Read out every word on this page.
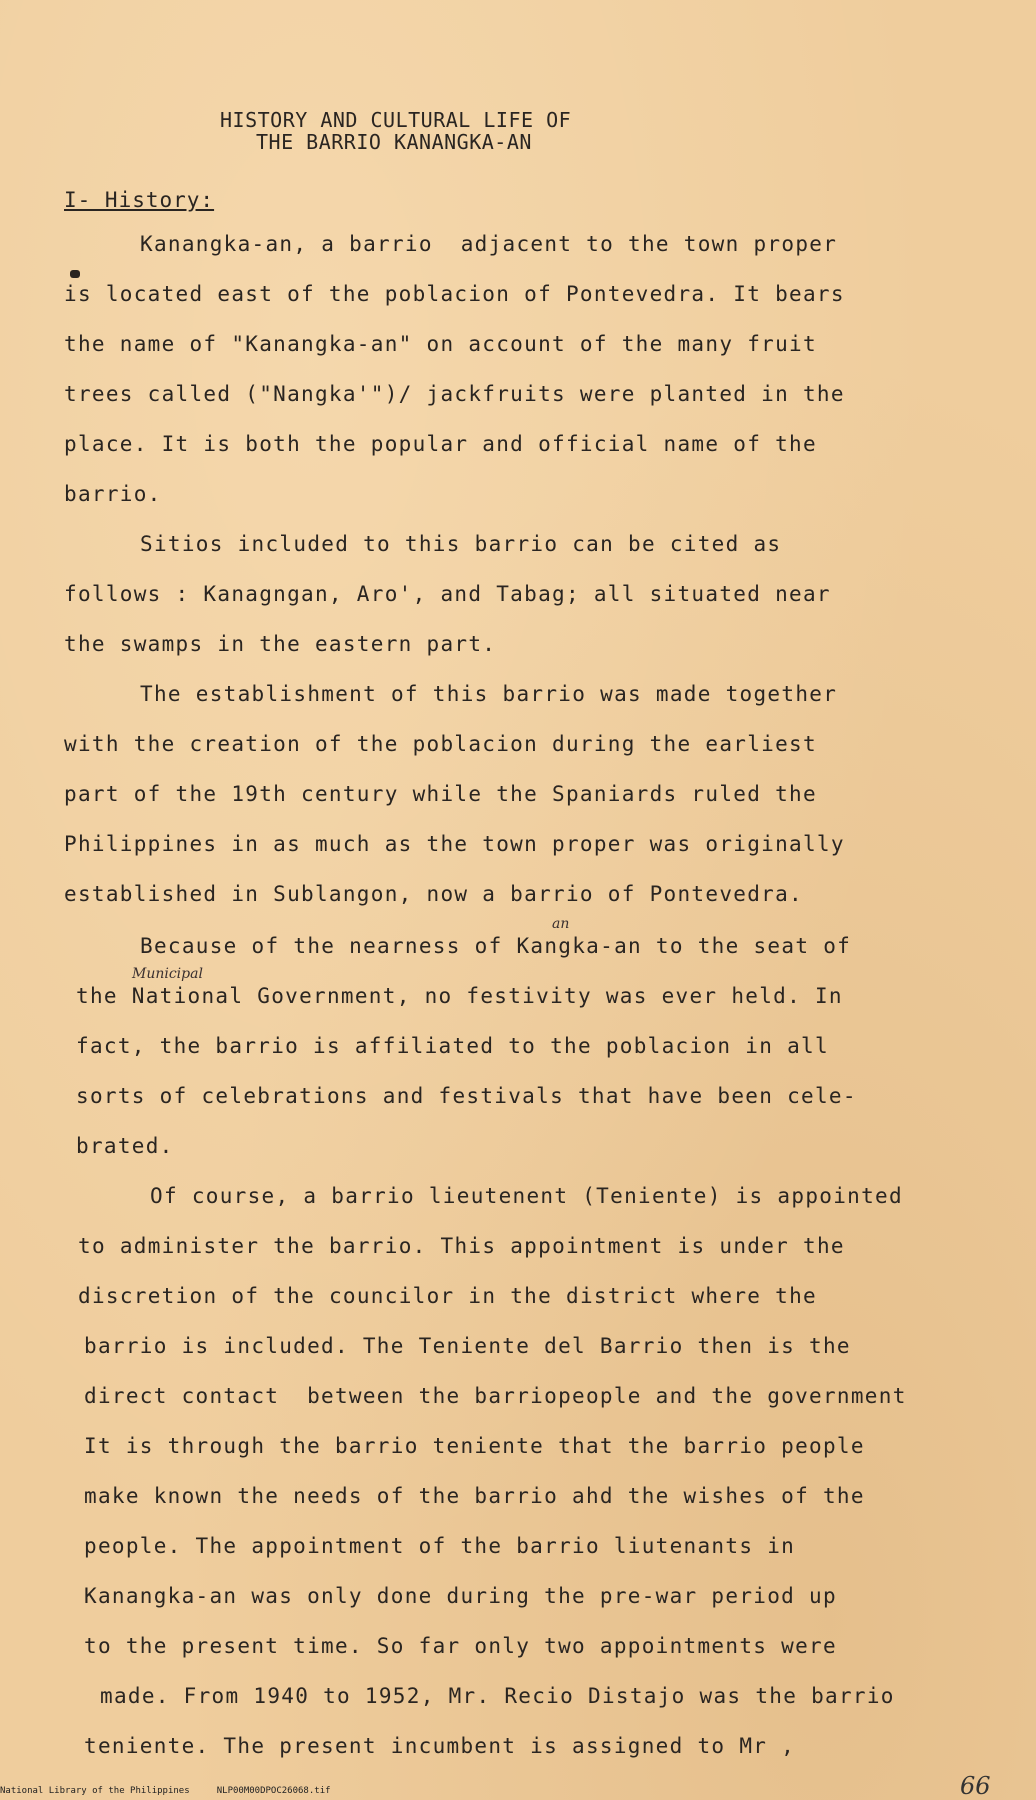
HISTORY AND CULTURAL LIFE OF
THE BARRIO KANANGKA-AN
I- History:
Kanangka-an, a barrio  adjacent to the town proper
is located east of the poblacion of Pontevedra. It bears
the name of "Kanangka-an" on account of the many fruit
trees called ("Nangka'")/ jackfruits were planted in the
place. It is both the popular and official name of the
barrio.
Sitios included to this barrio can be cited as
follows : Kanagngan, Aro', and Tabag; all situated near
the swamps in the eastern part.
The establishment of this barrio was made together
with the creation of the poblacion during the earliest
part of the 19th century while the Spaniards ruled the
Philippines in as much as the town proper was originally
established in Sublangon, now a barrio of Pontevedra.
an
Because of the nearness of Kangka-an to the seat of
Municipal
the National Government, no festivity was ever held. In
fact, the barrio is affiliated to the poblacion in all
sorts of celebrations and festivals that have been cele-
brated.
Of course, a barrio lieutenent (Teniente) is appointed
to administer the barrio. This appointment is under the
discretion of the councilor in the district where the
barrio is included. The Teniente del Barrio then is the
direct contact  between the barriopeople and the government
It is through the barrio teniente that the barrio people
make known the needs of the barrio ahd the wishes of the
people. The appointment of the barrio liutenants in
Kanangka-an was only done during the pre-war period up
to the present time. So far only two appointments were
made. From 1940 to 1952, Mr. Recio Distajo was the barrio
teniente. The present incumbent is assigned to Mr ,
National Library of the Philippines     NLP00M00DPOC26068.tif	66
